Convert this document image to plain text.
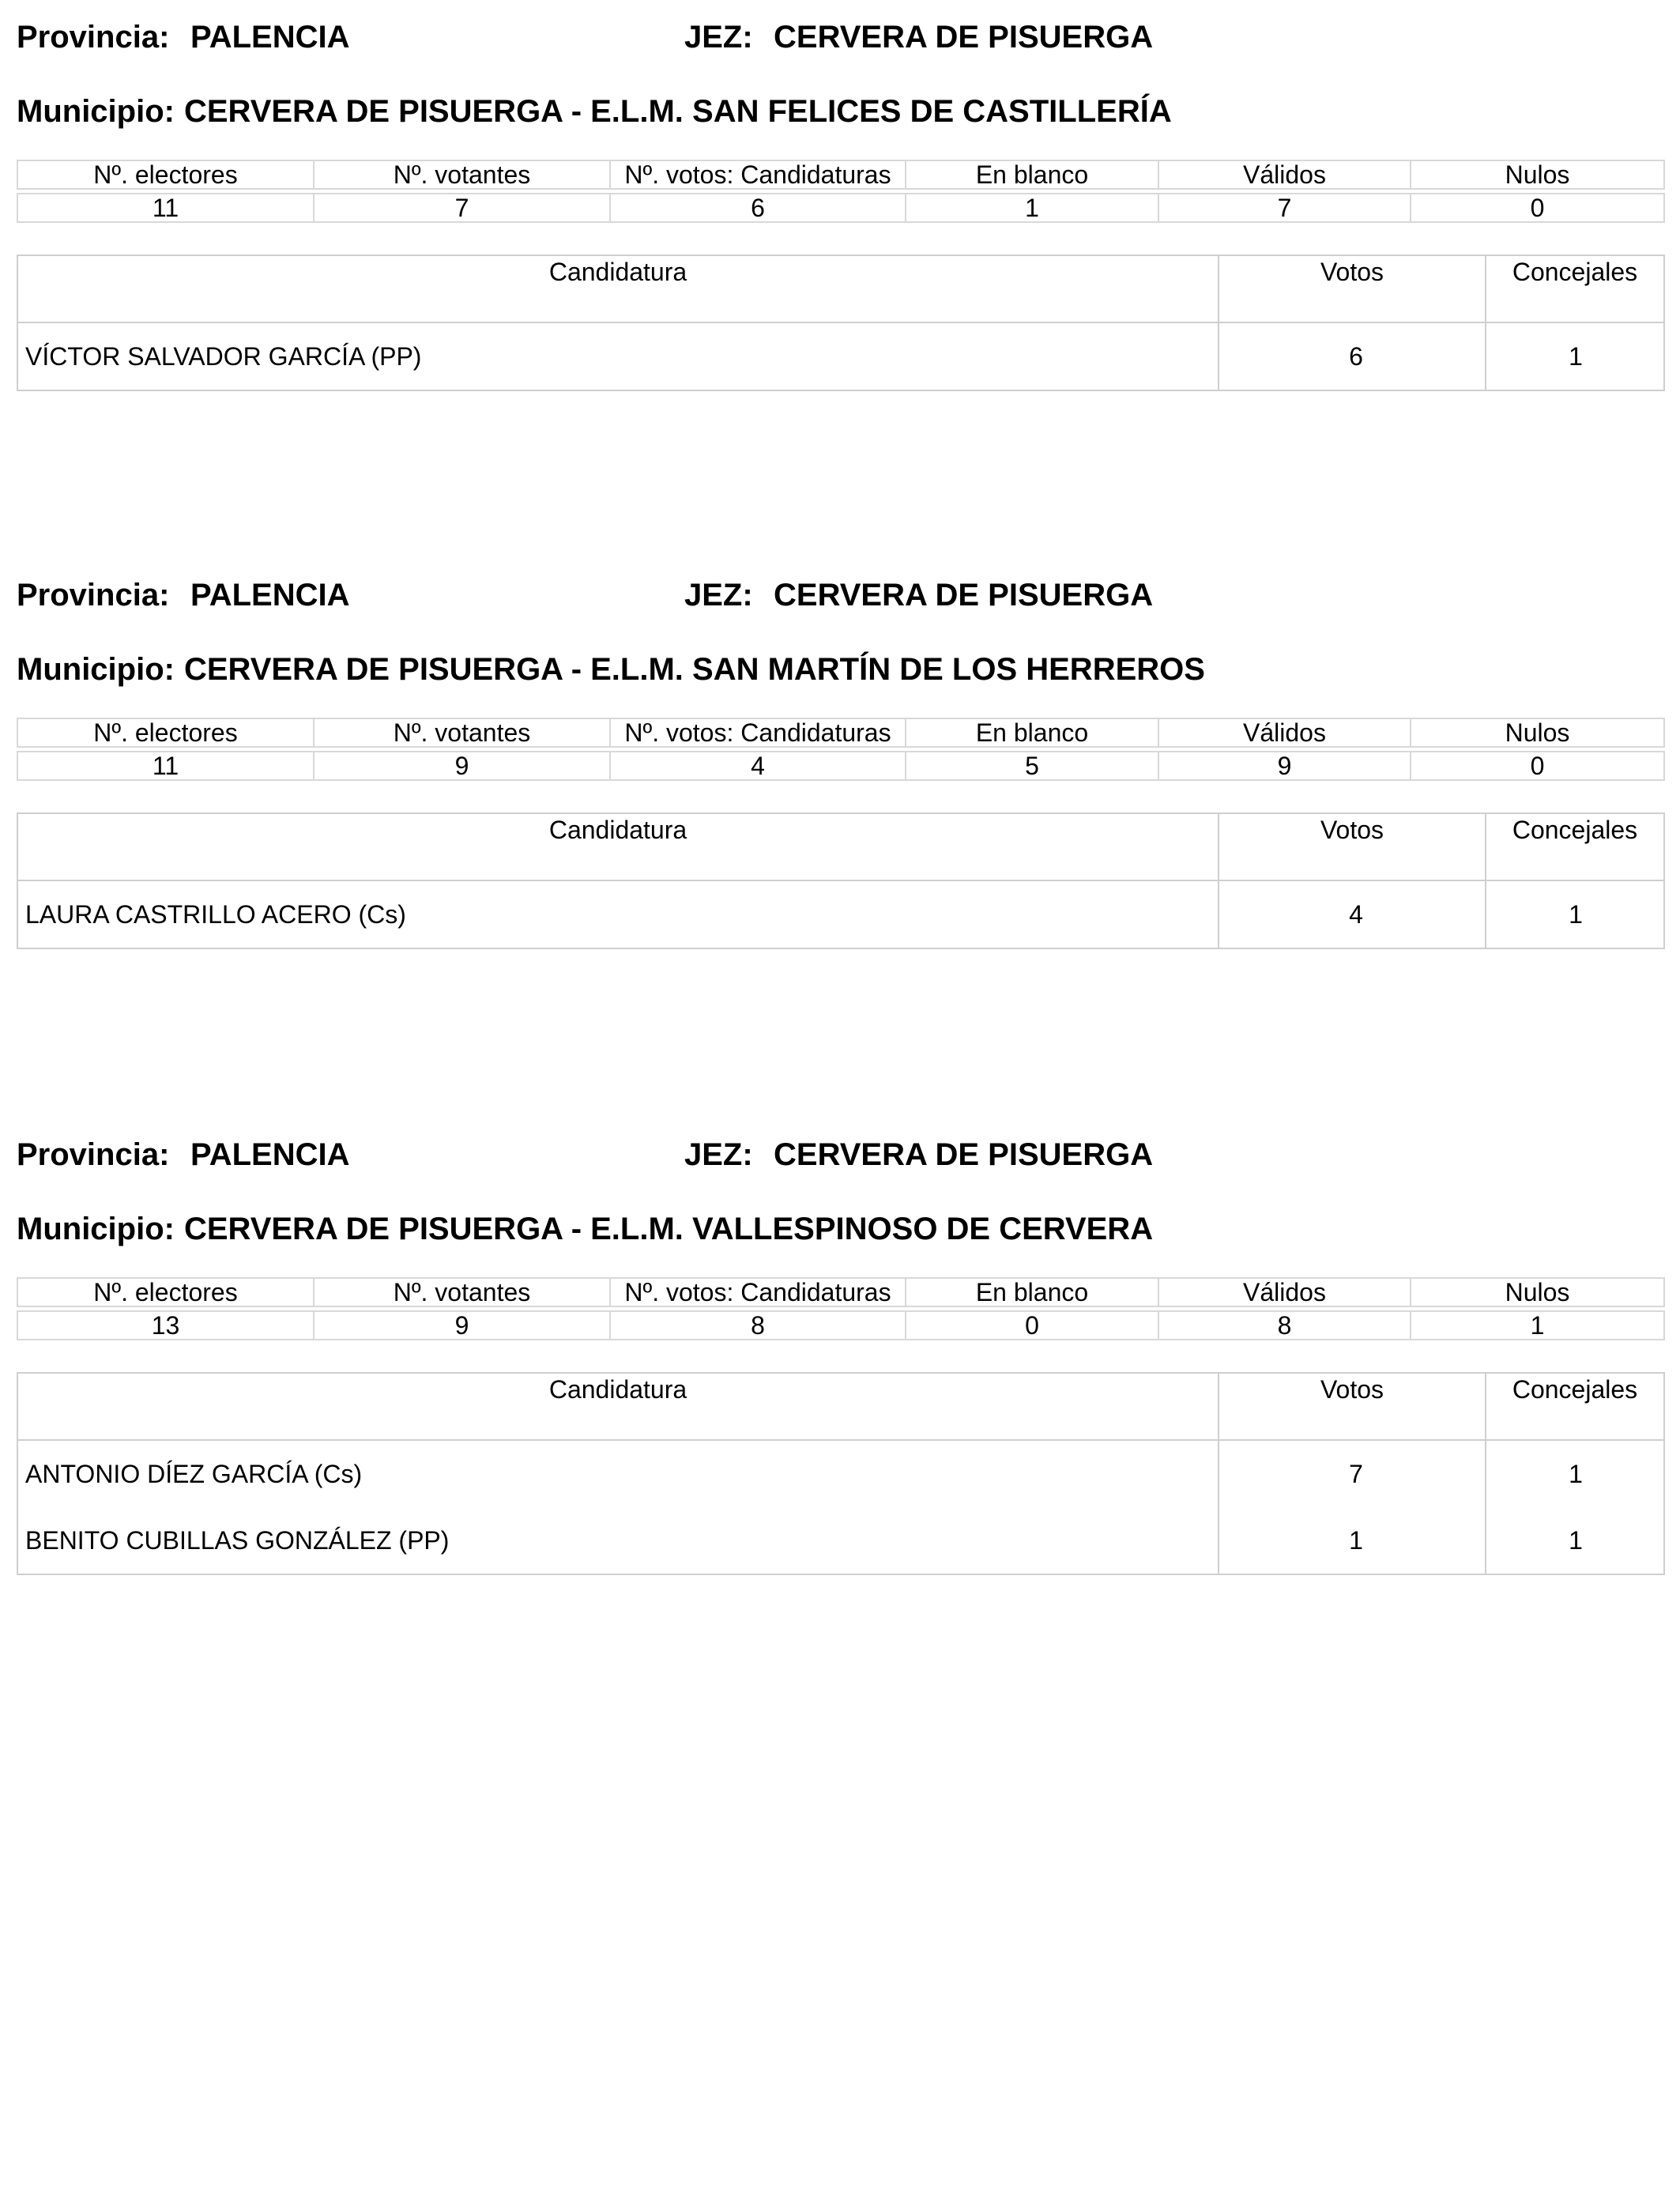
Provincia: PALENCIA	JEZ: CERVERA DE PISUERGA
Municipio: CERVERA DE PISUERGA - E.L.M. SAN FELICES DE CASTILLERÍA
Nº. electores	Nº. votantes	Nº. votos: Candidaturas	En blanco	Válidos	Nulos

11	7	6	1	7	0
Candidatura	Votos	Concejales
VÍCTOR SALVADOR GARCÍA (PP)	6	1
Provincia: PALENCIA	JEZ: CERVERA DE PISUERGA
Municipio: CERVERA DE PISUERGA - E.L.M. SAN MARTÍN DE LOS HERREROS
Nº. electores	Nº. votantes	Nº. votos: Candidaturas	En blanco	Válidos	Nulos

11	9	4	5	9	0
Candidatura	Votos	Concejales
LAURA CASTRILLO ACERO (Cs)	4	1
Provincia: PALENCIA	JEZ: CERVERA DE PISUERGA
Municipio: CERVERA DE PISUERGA - E.L.M. VALLESPINOSO DE CERVERA
Nº. electores	Nº. votantes	Nº. votos: Candidaturas	En blanco	Válidos	Nulos

13	9	8	0	8	1
Candidatura	Votos	Concejales
ANTONIO DÍEZ GARCÍA (Cs)	7	1
BENITO CUBILLAS GONZÁLEZ (PP)	1	1
